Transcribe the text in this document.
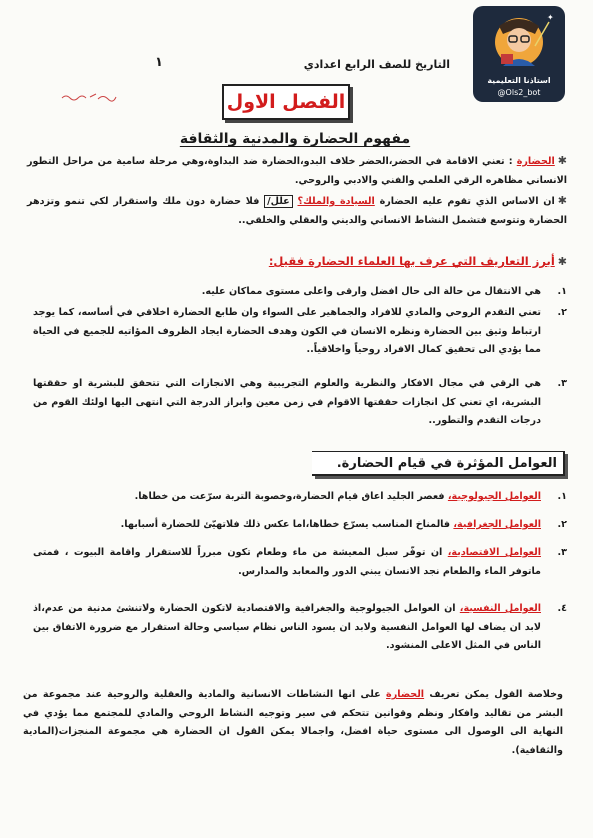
التاريخ للصف الرابع اعدادي
١
✦
استاذنا التعليمية
@Ols2_bot
الفصل الاول
مفهوم الحضارة والمدنية والثقافة
✱الحضارة : تعني الاقامة في الحضر،الحضر خلاف البدو،الحضارة ضد البداوة،وهي مرحلة سامية من مراحل التطور الانساني مظاهره الرقي العلمي والفني والادبي والروحي.
✱ان الاساس الذي تقوم عليه الحضارة السيادة والملك؟ علل/ فلا حضارة دون ملك واستقرار لكي تنمو وتزدهر الحضارة وتتوسع فتشمل النشاط الانساني والديني والعقلي والخلقي..
✱أبرز التعاريف التي عرف بها العلماء الحضارة فقيل:
١.
هي الانتقال من حالة الى حال افضل وارقى واعلى مستوى مماكان عليه.
٢.
تعني التقدم الروحي والمادي للافراد والجماهير على السواء وان طابع الحضارة اخلاقي في أساسه، كما يوجد ارتباط وثيق بين الحضارة ونظره الانسان في الكون وهدف الحضارة ايجاد الظروف المؤاتيه للجميع في الحياة مما يؤدي الى تحقيق كمال الافراد روحياً واخلاقياً..
٣.
هي الرقي في مجال الافكار والنظرية والعلوم التجريبية وهي الانجازات التي تتحقق للبشرية او حققتها البشرية، اي تعني كل انجازات حققتها الاقوام في زمن معين وابراز الدرجة التي انتهى اليها اولئك القوم من درجات التقدم والتطور..
العوامل المؤثرة في قيام الحضارة.
١.
العوامل الجيولوجية، فعصر الجليد اعاق قيام الحضارة،وخصوبة التربة سرّعت من خطاها.
٢.
العوامل الجغرافية، فالمناخ المناسب يسرّع خطاها،اما عكس ذلك فلاتهيّئ للحضارة أسبابها.
٣.
العوامل الاقتصادية، ان توفّر سبل المعيشة من ماء وطعام تكون مبرراً للاستقرار واقامة البيوت ، فمتى ماتوفر الماء والطعام نجد الانسان يبني الدور والمعابد والمدارس.
٤.
العوامل النفسية، ان العوامل الجيولوجية والجغرافية والاقتصادية لاتكون الحضارة ولاتنشئ مدنية من عدم،اذ لابد ان يضاف لها العوامل النفسية ولابد ان يسود الناس نظام سياسي وحالة استقرار مع ضرورة الاتفاق بين الناس في المثل الاعلى المنشود.
وخلاصة القول يمكن تعريف الحضارة على انها النشاطات الانسانية والمادية والعقلية والروحية عند مجموعة من البشر من تقاليد وافكار ونظم وقوانين تتحكم في سير وتوجيه النشاط الروحي والمادي للمجتمع مما يؤدي في النهاية الى الوصول الى مستوى حياة افضل، واجمالا يمكن القول ان الحضارة هي مجموعة المنجزات(المادية والثقافية).
